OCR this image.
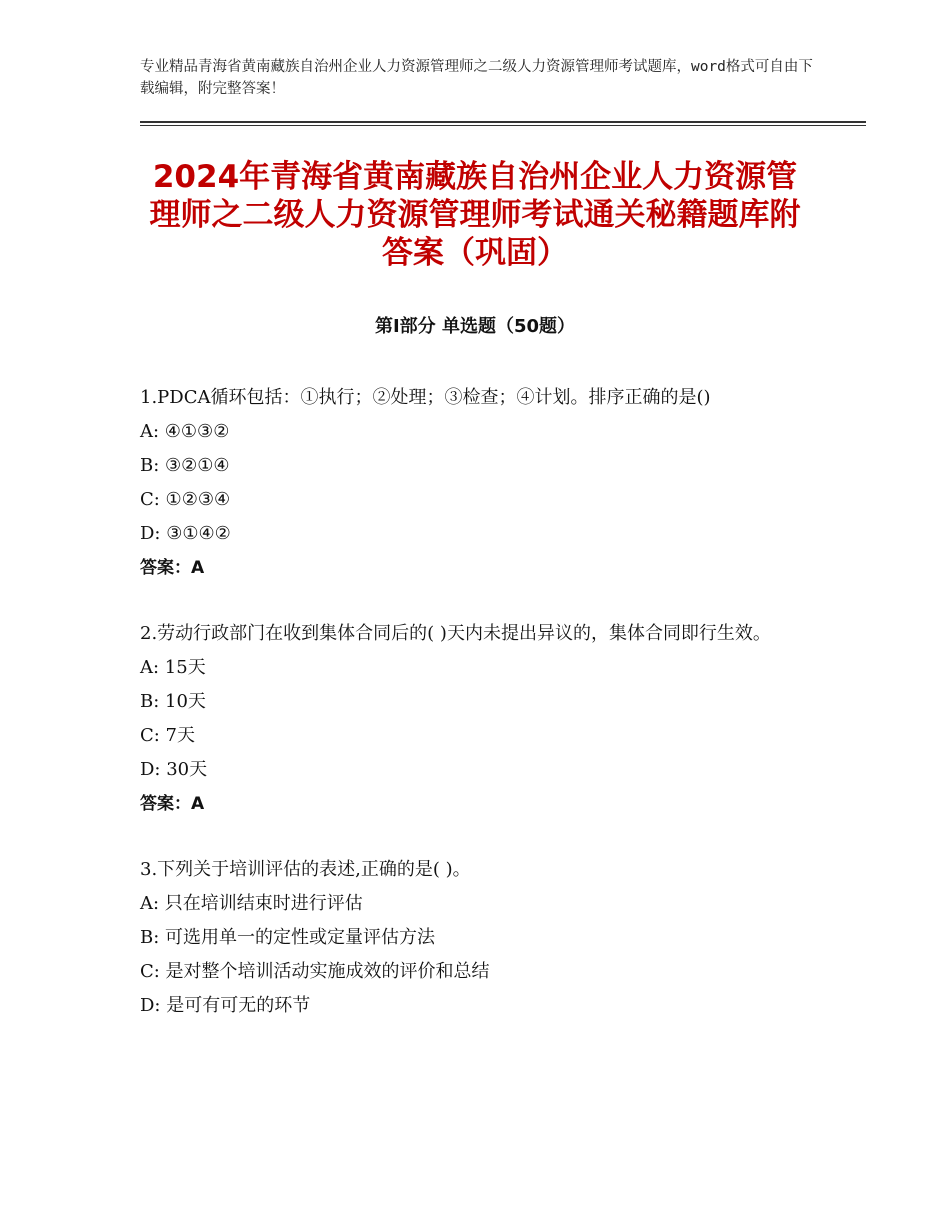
专业精品青海省黄南藏族自治州企业人力资源管理师之二级人力资源管理师考试题库，word格式可自由下载编辑，附完整答案！
2024年青海省黄南藏族自治州企业人力资源管理师之二级人力资源管理师考试通关秘籍题库附答案（巩固）
第Ⅰ部分 单选题（50题）
1.PDCA循环包括：①执行；②处理；③检查；④计划。排序正确的是()
A: ④①③②
B: ③②①④
C: ①②③④
D: ③①④②
答案：A
2.劳动行政部门在收到集体合同后的( )天内未提出异议的，集体合同即行生效。
A: 15天
B: 10天
C: 7天
D: 30天
答案：A
3.下列关于培训评估的表述,正确的是( )。
A: 只在培训结束时进行评估
B: 可选用单一的定性或定量评估方法
C: 是对整个培训活动实施成效的评价和总结
D: 是可有可无的环节
